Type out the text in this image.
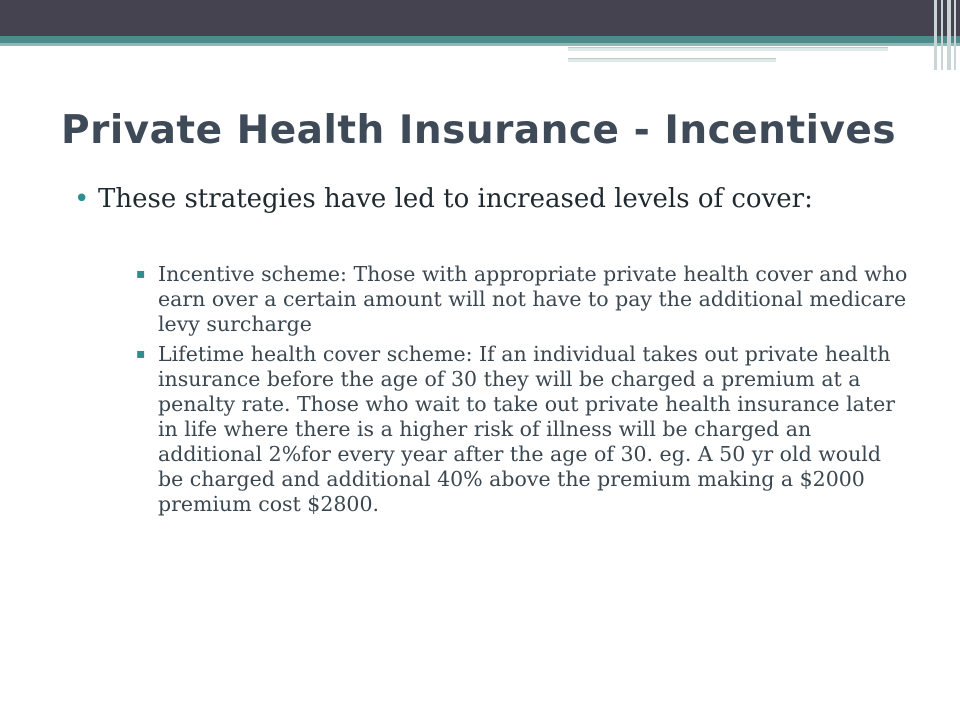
Private Health Insurance - Incentives
• These strategies have led to increased levels of cover:
▪ Incentive scheme: Those with appropriate private health cover and who earn over a certain amount will not have to pay the additional medicare levy surcharge
▪ Lifetime health cover scheme: If an individual takes out private health insurance before the age of 30 they will be charged a premium at a penalty rate. Those who wait to take out private health insurance later in life where there is a higher risk of illness will be charged an additional 2%for every year after the age of 30. eg. A 50 yr old would be charged and additional 40% above the premium making a $2000 premium cost $2800.
